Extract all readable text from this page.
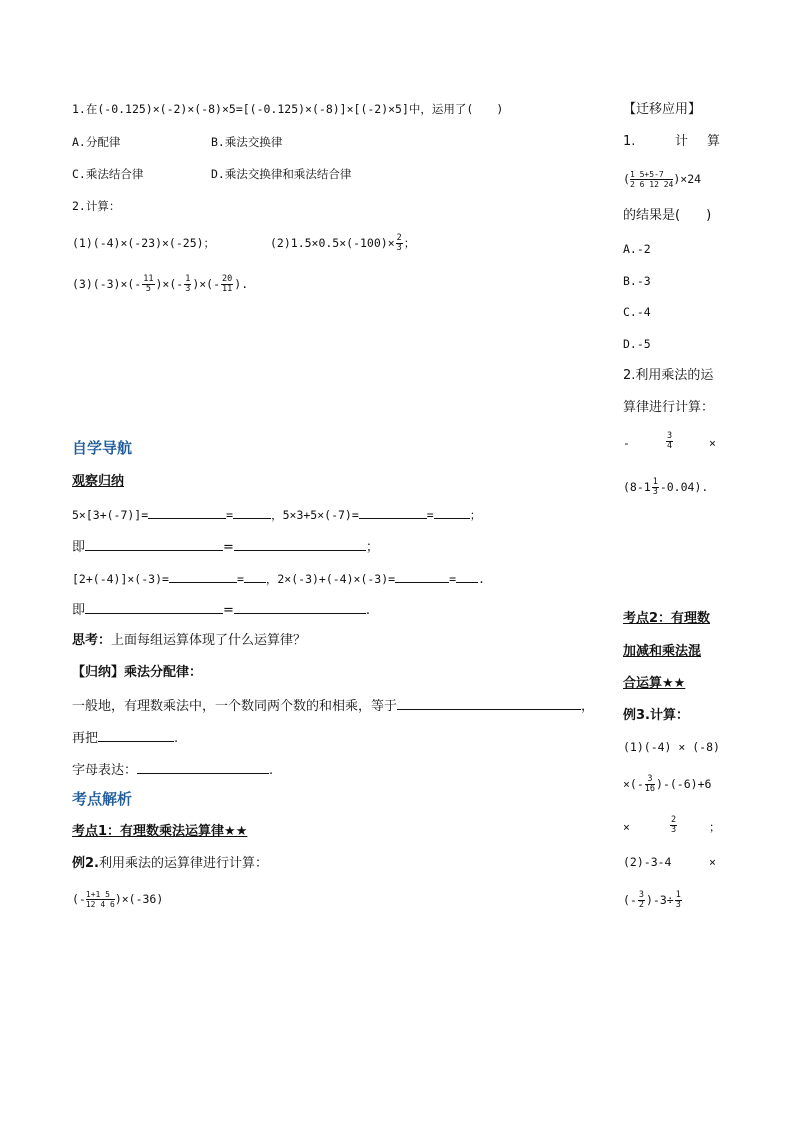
1.在(-0.125)×(-2)×(-8)×5=[(-0.125)×(-8)]×[(-2)×5]中，运用了(　　)
A.分配律	B.乘法交换律
C.乘法结合律	D.乘法交换律和乘法结合律
2.计算：
(1)(-4)×(-23)×(-25)；	$(2)1.5\times 0.5\times(-100)\times \frac{2}{3}$ ；
$(3)(-3)\times(- \frac{11}{5}$ )×(- $\frac{1}{3}$ )×(- $\frac{20}{11}$ ).
自学导航
观察归纳
5×[3+(-7)]=	=	，5×3+5×(-7)=	=	；
即	=	；
[2+(-4)]×(-3)=	= ，2×(-3)+(-4)×(-3)=	= .
即	=	.
思考：上面每组运算体现了什么运算律？
【归纳】乘法分配律：
一般地，有理数乘法中，一个数同两个数的和相乘，等于	，
再把	.
字母表达：	.
考点解析
考点1：有理数乘法运算律★★
例2.利用乘法的运算律进行计算：
(- $\frac{1+1 5}{12 4 6} )\times(-36)$
【迁移应用】
1.	计 算
( $\frac{1 5+5-7}{2 6 12 24} )\times 24$
的结果是(　　)
A.-2
B.-3
C.-4
D.-5
2.利用乘法的运
算律进行计算：
-	$\frac{3}{4}$	×
$(8-1 \frac{1}{3} -0.04)$.
考点2：有理数
加减和乘法混
合运算★★
例3.计算：
(1)(-4) × (-8)
×(- $\frac{3}{16} )-(-6)+6$
×	$\frac{2}{3}$	；
(2)-3-4	×
(- $\frac{3}{2} )-3\div \frac{1}{3}$
